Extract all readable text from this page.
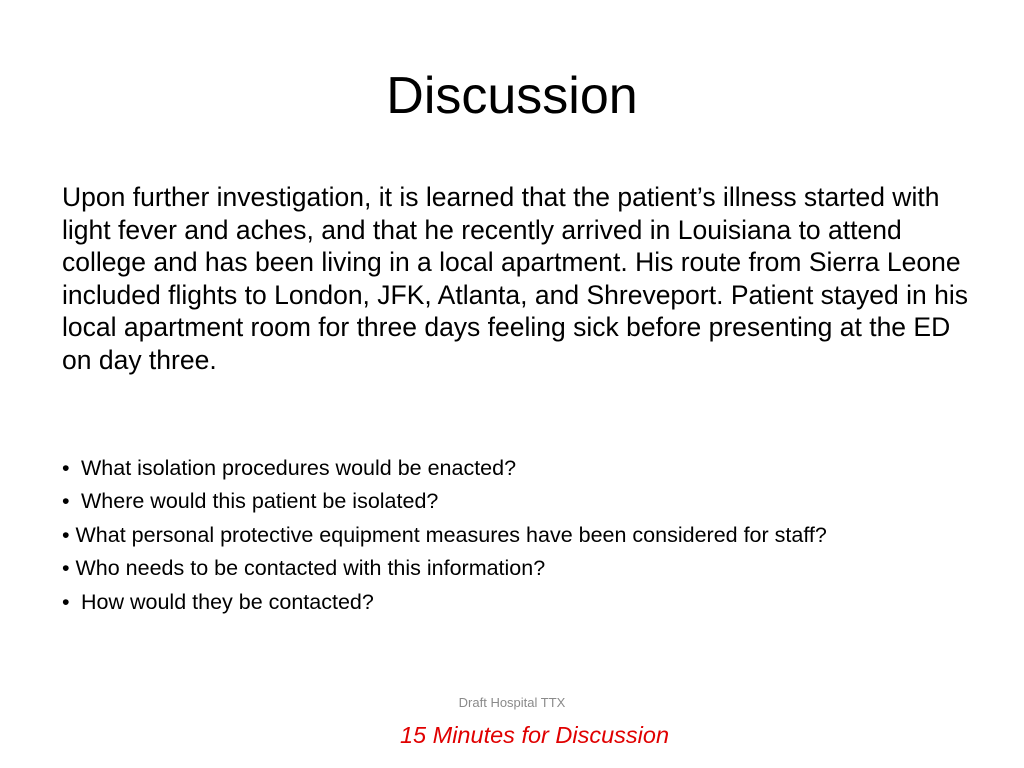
Discussion

Upon further investigation, it is learned that the patient’s illness started with light fever and aches, and that he recently arrived in Louisiana to attend college and has been living in a local apartment. His route from Sierra Leone included flights to London, JFK, Atlanta, and Shreveport. Patient stayed in his local apartment room for three days feeling sick before presenting at the ED on day three.

• What isolation procedures would be enacted?
• Where would this patient be isolated?
• What personal protective equipment measures have been considered for staff?
• Who needs to be contacted with this information?
• How would they be contacted?
Draft Hospital TTX
15 Minutes for Discussion
